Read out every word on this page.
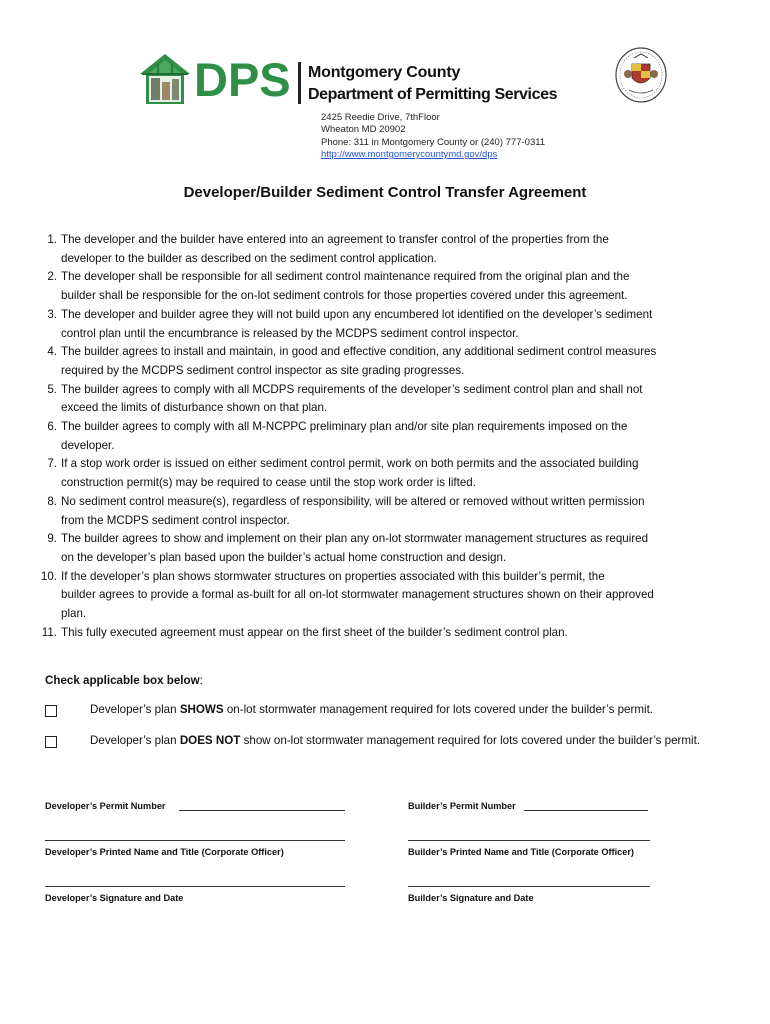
DPS Montgomery County
Department of Permitting Services
2425 Reedie Drive, 7thFloor
Wheaton MD 20902
Phone: 311 in Montgomery County or (240) 777-0311
http://www.montgomerycountymd.gov/dps
Developer/Builder Sediment Control Transfer Agreement
1. The developer and the builder have entered into an agreement to transfer control of the properties from the
developer to the builder as described on the sediment control application.
2. The developer shall be responsible for all sediment control maintenance required from the original plan and the
builder shall be responsible for the on-lot sediment controls for those properties covered under this agreement.
3. The developer and builder agree they will not build upon any encumbered lot identified on the developer’s sediment
control plan until the encumbrance is released by the MCDPS sediment control inspector.
4. The builder agrees to install and maintain, in good and effective condition, any additional sediment control measures
required by the MCDPS sediment control inspector as site grading progresses.
5. The builder agrees to comply with all MCDPS requirements of the developer’s sediment control plan and shall not
exceed the limits of disturbance shown on that plan.
6. The builder agrees to comply with all M-NCPPC preliminary plan and/or site plan requirements imposed on the
developer.
7. If a stop work order is issued on either sediment control permit, work on both permits and the associated building
construction permit(s) may be required to cease until the stop work order is lifted.
8. No sediment control measure(s), regardless of responsibility, will be altered or removed without written permission
from the MCDPS sediment control inspector.
9. The builder agrees to show and implement on their plan any on-lot stormwater management structures as required
on the developer’s plan based upon the builder’s actual home construction and design.
10. If the developer’s plan shows stormwater structures on properties associated with this builder’s permit, the
builder agrees to provide a formal as-built for all on-lot stormwater management structures shown on their approved
plan.
11. This fully executed agreement must appear on the first sheet of the builder’s sediment control plan.
Check applicable box below:
Developer’s plan SHOWS on-lot stormwater management required for lots covered under the builder’s permit.
Developer’s plan DOES NOT show on-lot stormwater management required for lots covered under the builder’s permit.
Developer’s Permit Number	Builder’s Permit Number
Developer’s Printed Name and Title (Corporate Officer)	Builder’s Printed Name and Title (Corporate Officer)
Developer’s Signature and Date	Builder’s Signature and Date
